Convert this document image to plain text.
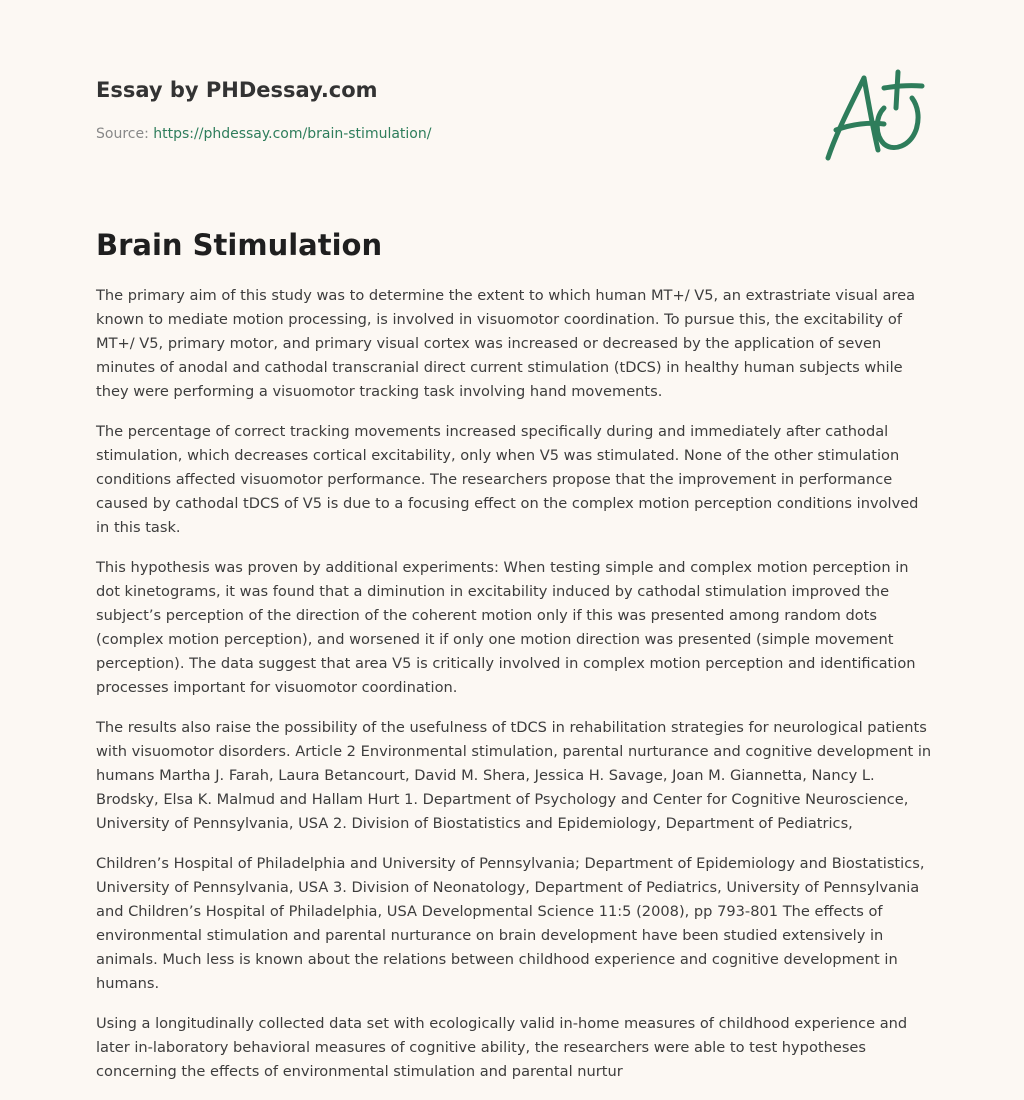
Essay by PHDessay.com
Source: https://phdessay.com/brain-stimulation/
Brain Stimulation

The primary aim of this study was to determine the extent to which human MT+/ V5, an extrastriate visual area known to mediate motion processing, is involved in visuomotor coordination. To pursue this, the excitability of MT+/ V5, primary motor, and primary visual cortex was increased or decreased by the application of seven minutes of anodal and cathodal transcranial direct current stimulation (tDCS) in healthy human subjects while they were performing a visuomotor tracking task involving hand movements.

The percentage of correct tracking movements increased specifically during and immediately after cathodal stimulation, which decreases cortical excitability, only when V5 was stimulated. None of the other stimulation conditions affected visuomotor performance. The researchers propose that the improvement in performance caused by cathodal tDCS of V5 is due to a focusing effect on the complex motion perception conditions involved in this task.

This hypothesis was proven by additional experiments: When testing simple and complex motion perception in dot kinetograms, it was found that a diminution in excitability induced by cathodal stimulation improved the subject’s perception of the direction of the coherent motion only if this was presented among random dots (complex motion perception), and worsened it if only one motion direction was presented (simple movement perception). The data suggest that area V5 is critically involved in complex motion perception and identification processes important for visuomotor coordination.

The results also raise the possibility of the usefulness of tDCS in rehabilitation strategies for neurological patients with visuomotor disorders. Article 2 Environmental stimulation, parental nurturance and cognitive development in humans Martha J. Farah, Laura Betancourt, David M. Shera, Jessica H. Savage, Joan M. Giannetta, Nancy L. Brodsky, Elsa K. Malmud and Hallam Hurt 1. Department of Psychology and Center for Cognitive Neuroscience, University of Pennsylvania, USA 2. Division of Biostatistics and Epidemiology, Department of Pediatrics,

Children’s Hospital of Philadelphia and University of Pennsylvania; Department of Epidemiology and Biostatistics, University of Pennsylvania, USA 3. Division of Neonatology, Department of Pediatrics, University of Pennsylvania and Children’s Hospital of Philadelphia, USA Developmental Science 11:5 (2008), pp 793-801 The effects of environmental stimulation and parental nurturance on brain development have been studied extensively in animals. Much less is known about the relations between childhood experience and cognitive development in humans.

Using a longitudinally collected data set with ecologically valid in-home measures of childhood experience and later in-laboratory behavioral measures of cognitive ability, the researchers were able to test hypotheses concerning the effects of environmental stimulation and parental nurtur
